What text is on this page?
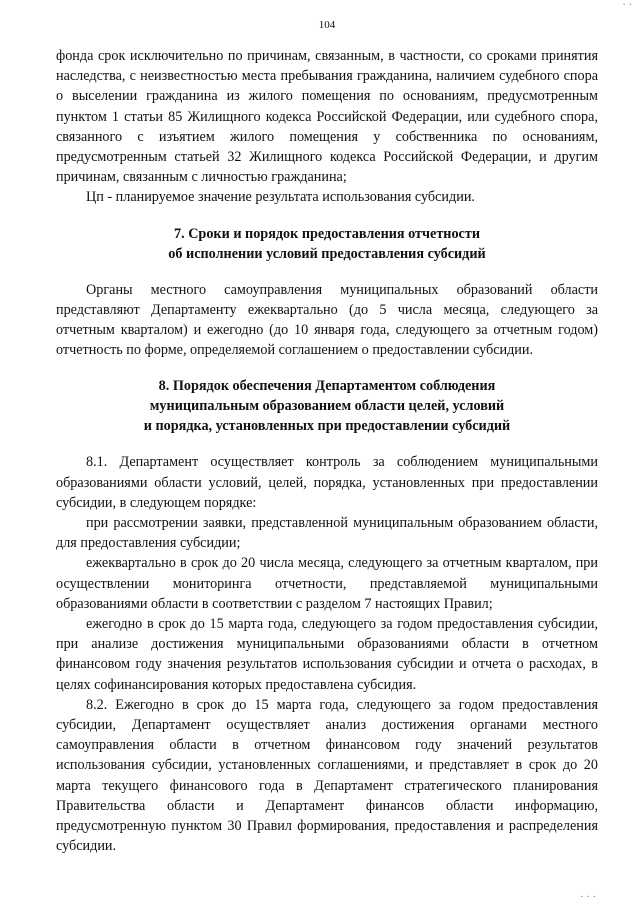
· ·
104

фонда срок исключительно по причинам, связанным, в частности, со сроками принятия наследства, с неизвестностью места пребывания гражданина, наличием судебного спора о выселении гражданина из жилого помещения по основаниям, предусмотренным пунктом 1 статьи 85 Жилищного кодекса Российской Федерации, или судебного спора, связанного с изъятием жилого помещения у собственника по основаниям, предусмотренным статьей 32 Жилищного кодекса Российской Федерации, и другим причинам, связанным с личностью гражданина;

Цп - планируемое значение результата использования субсидии.

7. Сроки и порядок предоставления отчетности
об исполнении условий предоставления субсидий

Органы местного самоуправления муниципальных образований области представляют Департаменту ежеквартально (до 5 числа месяца, следующего за отчетным кварталом) и ежегодно (до 10 января года, следующего за отчетным годом) отчетность по форме, определяемой соглашением о предоставлении субсидии.

8. Порядок обеспечения Департаментом соблюдения
муниципальным образованием области целей, условий
и порядка, установленных при предоставлении субсидий

8.1. Департамент осуществляет контроль за соблюдением муниципальными образованиями области условий, целей, порядка, установленных при предоставлении субсидии, в следующем порядке:

при рассмотрении заявки, представленной муниципальным образованием области, для предоставления субсидии;

ежеквартально в срок до 20 числа месяца, следующего за отчетным кварталом, при осуществлении мониторинга отчетности, представляемой муниципальными образованиями области в соответствии с разделом 7 настоящих Правил;

ежегодно в срок до 15 марта года, следующего за годом предоставления субсидии, при анализе достижения муниципальными образованиями области в отчетном финансовом году значения результатов использования субсидии и отчета о расходах, в целях софинансирования которых предоставлена субсидия.

8.2. Ежегодно в срок до 15 марта года, следующего за годом предоставления субсидии, Департамент осуществляет анализ достижения органами местного самоуправления области в отчетном финансовом году значений результатов использования субсидии, установленных соглашениями, и представляет в срок до 20 марта текущего финансового года в Департамент стратегического планирования Правительства области и Департамент финансов области информацию, предусмотренную пунктом 30 Правил формирования, предоставления и распределения субсидии.

· · ·
